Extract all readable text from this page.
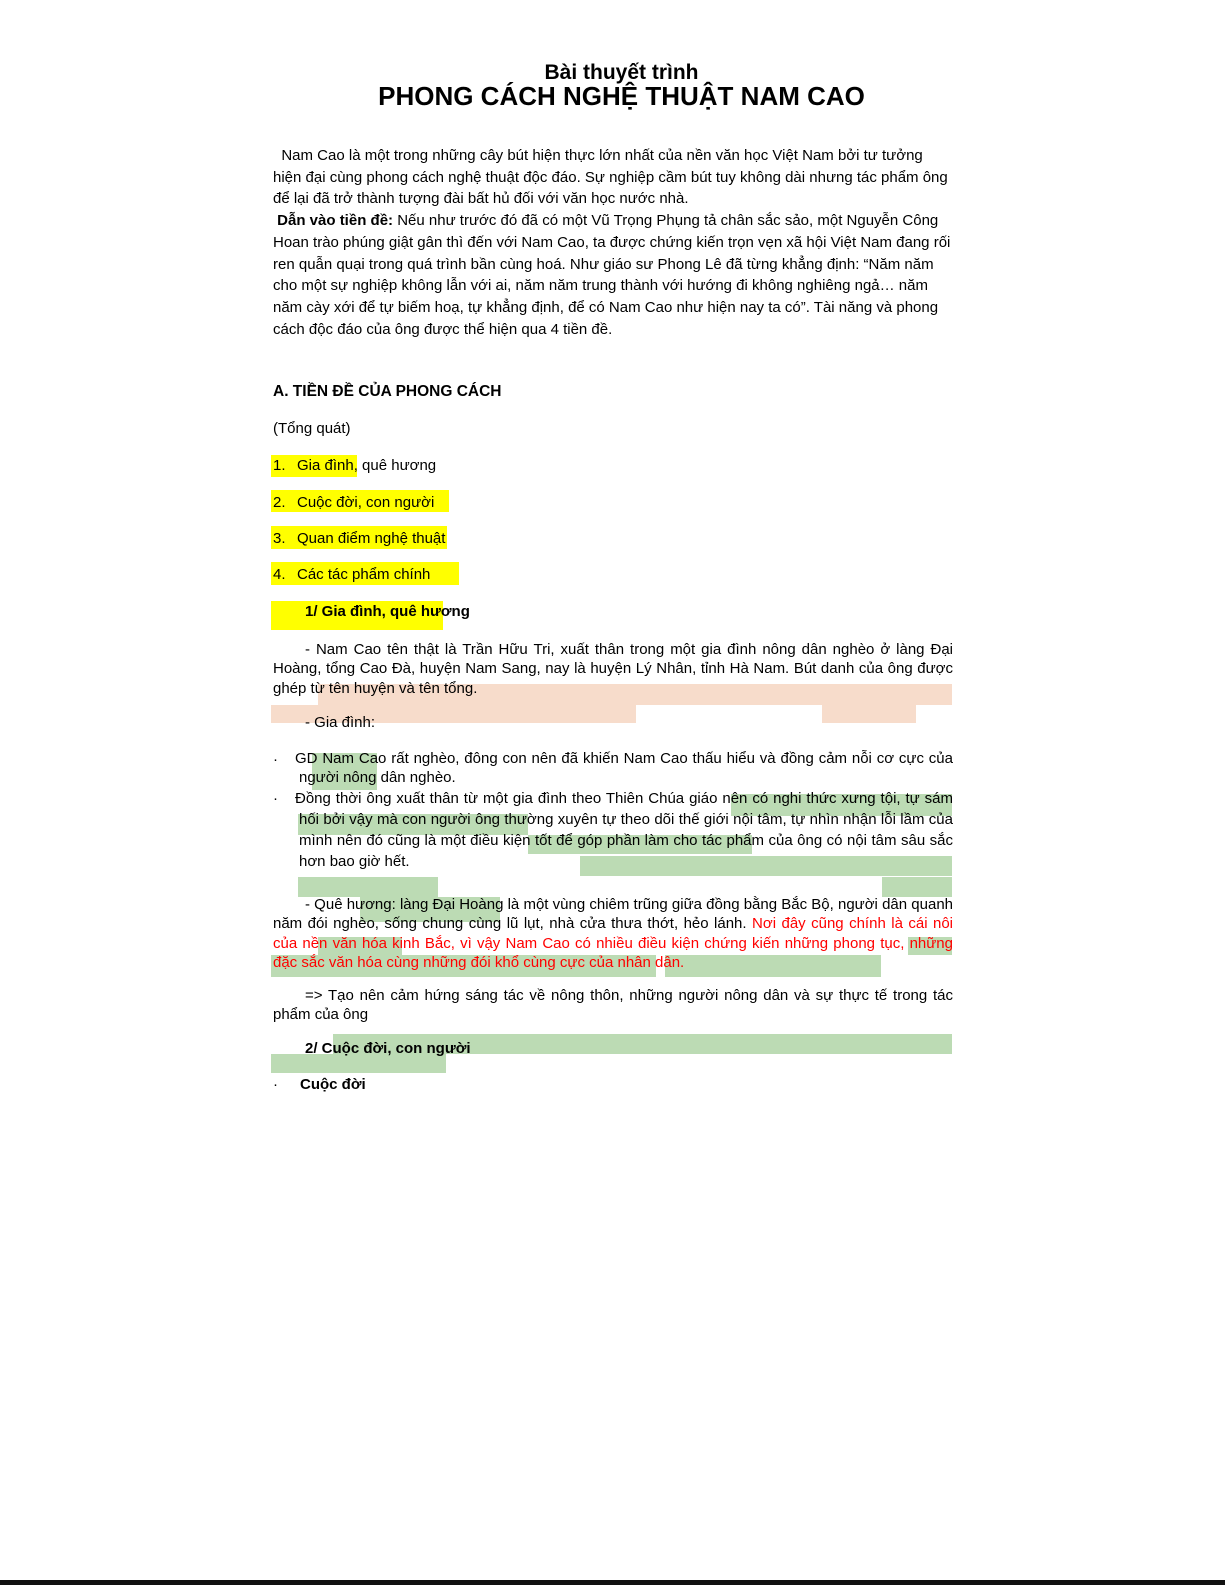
Bài thuyết trình
PHONG CÁCH NGHỆ THUẬT NAM CAO
Nam Cao là một trong những cây bút hiện thực lớn nhất của nền văn học Việt Nam bởi tư tưởng hiện đại cùng phong cách nghệ thuật độc đáo. Sự nghiệp cầm bút tuy không dài nhưng tác phẩm ông để lại đã trở thành tượng đài bất hủ đối với văn học nước nhà.
Dẫn vào tiền đề: Nếu như trước đó đã có một Vũ Trọng Phụng tả chân sắc sảo, một Nguyễn Công Hoan trào phúng giật gân thì đến với Nam Cao, ta được chứng kiến trọn vẹn xã hội Việt Nam đang rối ren quẫn quại trong quá trình bần cùng hoá. Như giáo sư Phong Lê đã từng khẳng định: “Năm năm cho một sự nghiệp không lẫn với ai, năm năm trung thành với hướng đi không nghiêng ngả… năm năm cày xới để tự biếm hoạ, tự khẳng định, để có Nam Cao như hiện nay ta có”. Tài năng và phong cách độc đáo của ông được thể hiện qua 4 tiền đề.
A. TIỀN ĐỀ CỦA PHONG CÁCH
(Tổng quát)
1. Gia đình, quê hương
2. Cuộc đời, con người
3. Quan điểm nghệ thuật
4. Các tác phẩm chính
1/ Gia đình, quê hương
- Nam Cao tên thật là Trần Hữu Tri, xuất thân trong một gia đình nông dân nghèo ở làng Đại Hoàng, tổng Cao Đà, huyện Nam Sang, nay là huyện Lý Nhân, tỉnh Hà Nam. Bút danh của ông được ghép từ tên huyện và tên tổng.
- Gia đình:
· GD Nam Cao rất nghèo, đông con nên đã khiến Nam Cao thấu hiểu và đồng cảm nỗi cơ cực của người nông dân nghèo.
· Đồng thời ông xuất thân từ một gia đình theo Thiên Chúa giáo nên có nghi thức xưng tội, tự sám hối bởi vậy mà con người ông thường xuyên tự theo dõi thế giới nội tâm, tự nhìn nhận lỗi lầm của mình nên đó cũng là một điều kiện tốt để góp phần làm cho tác phẩm của ông có nội tâm sâu sắc hơn bao giờ hết.
- Quê hương: làng Đại Hoàng là một vùng chiêm trũng giữa đồng bằng Bắc Bộ, người dân quanh năm đói nghèo, sống chung cùng lũ lụt, nhà cửa thưa thớt, hẻo lánh. Nơi đây cũng chính là cái nôi của nền văn hóa kinh Bắc, vì vậy Nam Cao có nhiều điều kiện chứng kiến những phong tục, những đặc sắc văn hóa cùng những đói khổ cùng cực của nhân dân.
=> Tạo nên cảm hứng sáng tác về nông thôn, những người nông dân và sự thực tế trong tác phẩm của ông
2/ Cuộc đời, con người
· Cuộc đời
